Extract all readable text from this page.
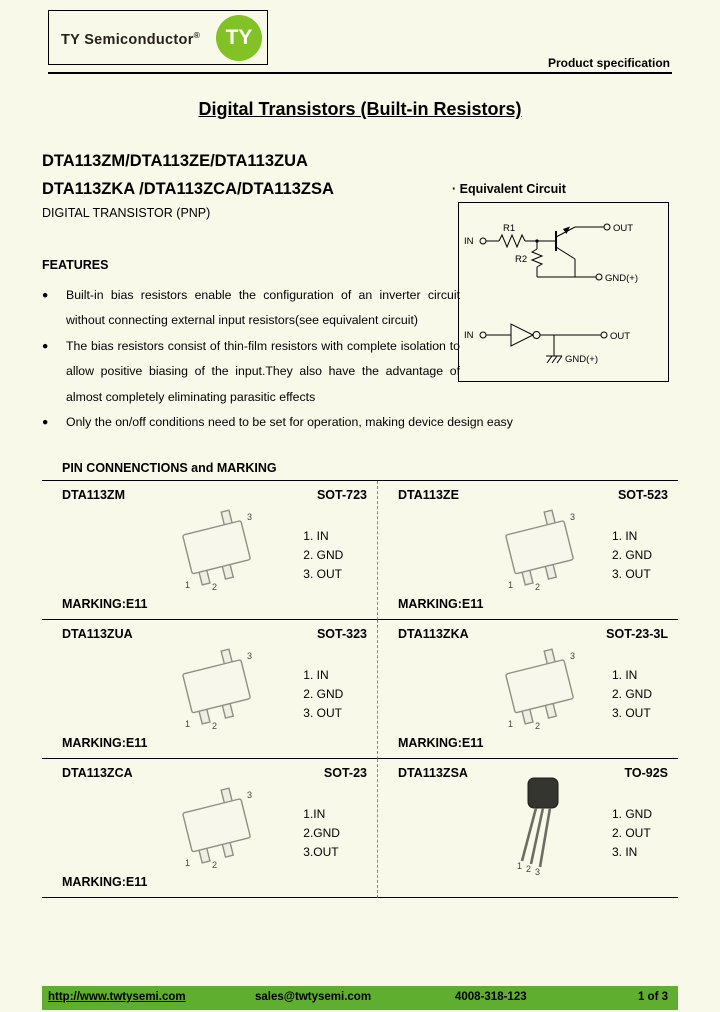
TY Semiconductor® TY
Product specification
Digital Transistors (Built-in Resistors)
DTA113ZM/DTA113ZE/DTA113ZUA
DTA113ZKA /DTA113ZCA/DTA113ZSA
DIGITAL TRANSISTOR (PNP)
· Equivalent Circuit
IN
R1
R2
OUT
GND(+)
IN	OUT
GND(+)
FEATURES
● Built-in bias resistors enable the configuration of an inverter circuit without connecting external input resistors(see equivalent circuit)
● The bias resistors consist of thin-film resistors with complete isolation to allow positive biasing of the input.They also have the advantage of almost completely eliminating parasitic effects
● Only the on/off conditions need to be set for operation, making device design easy
PIN CONNENCTIONS and MARKING
DTA113ZM	SOT-723
3
1 2
1. IN
2. GND
3. OUT
MARKING:E11
DTA113ZE	SOT-523
3
1 2
1. IN
2. GND
3. OUT
MARKING:E11
DTA113ZUA	SOT-323
3
1 2
1. IN
2. GND
3. OUT
MARKING:E11
DTA113ZKA	SOT-23-3L
3
1 2
1. IN
2. GND
3. OUT
MARKING:E11
DTA113ZCA	SOT-23
3
1 2
1.IN
2.GND
3.OUT
MARKING:E11
DTA113ZSA	TO-92S
1 2 3
1. GND
2. OUT
3. IN
http://www.twtysemi.com	sales@twtysemi.com	4008-318-123	1 of 3
